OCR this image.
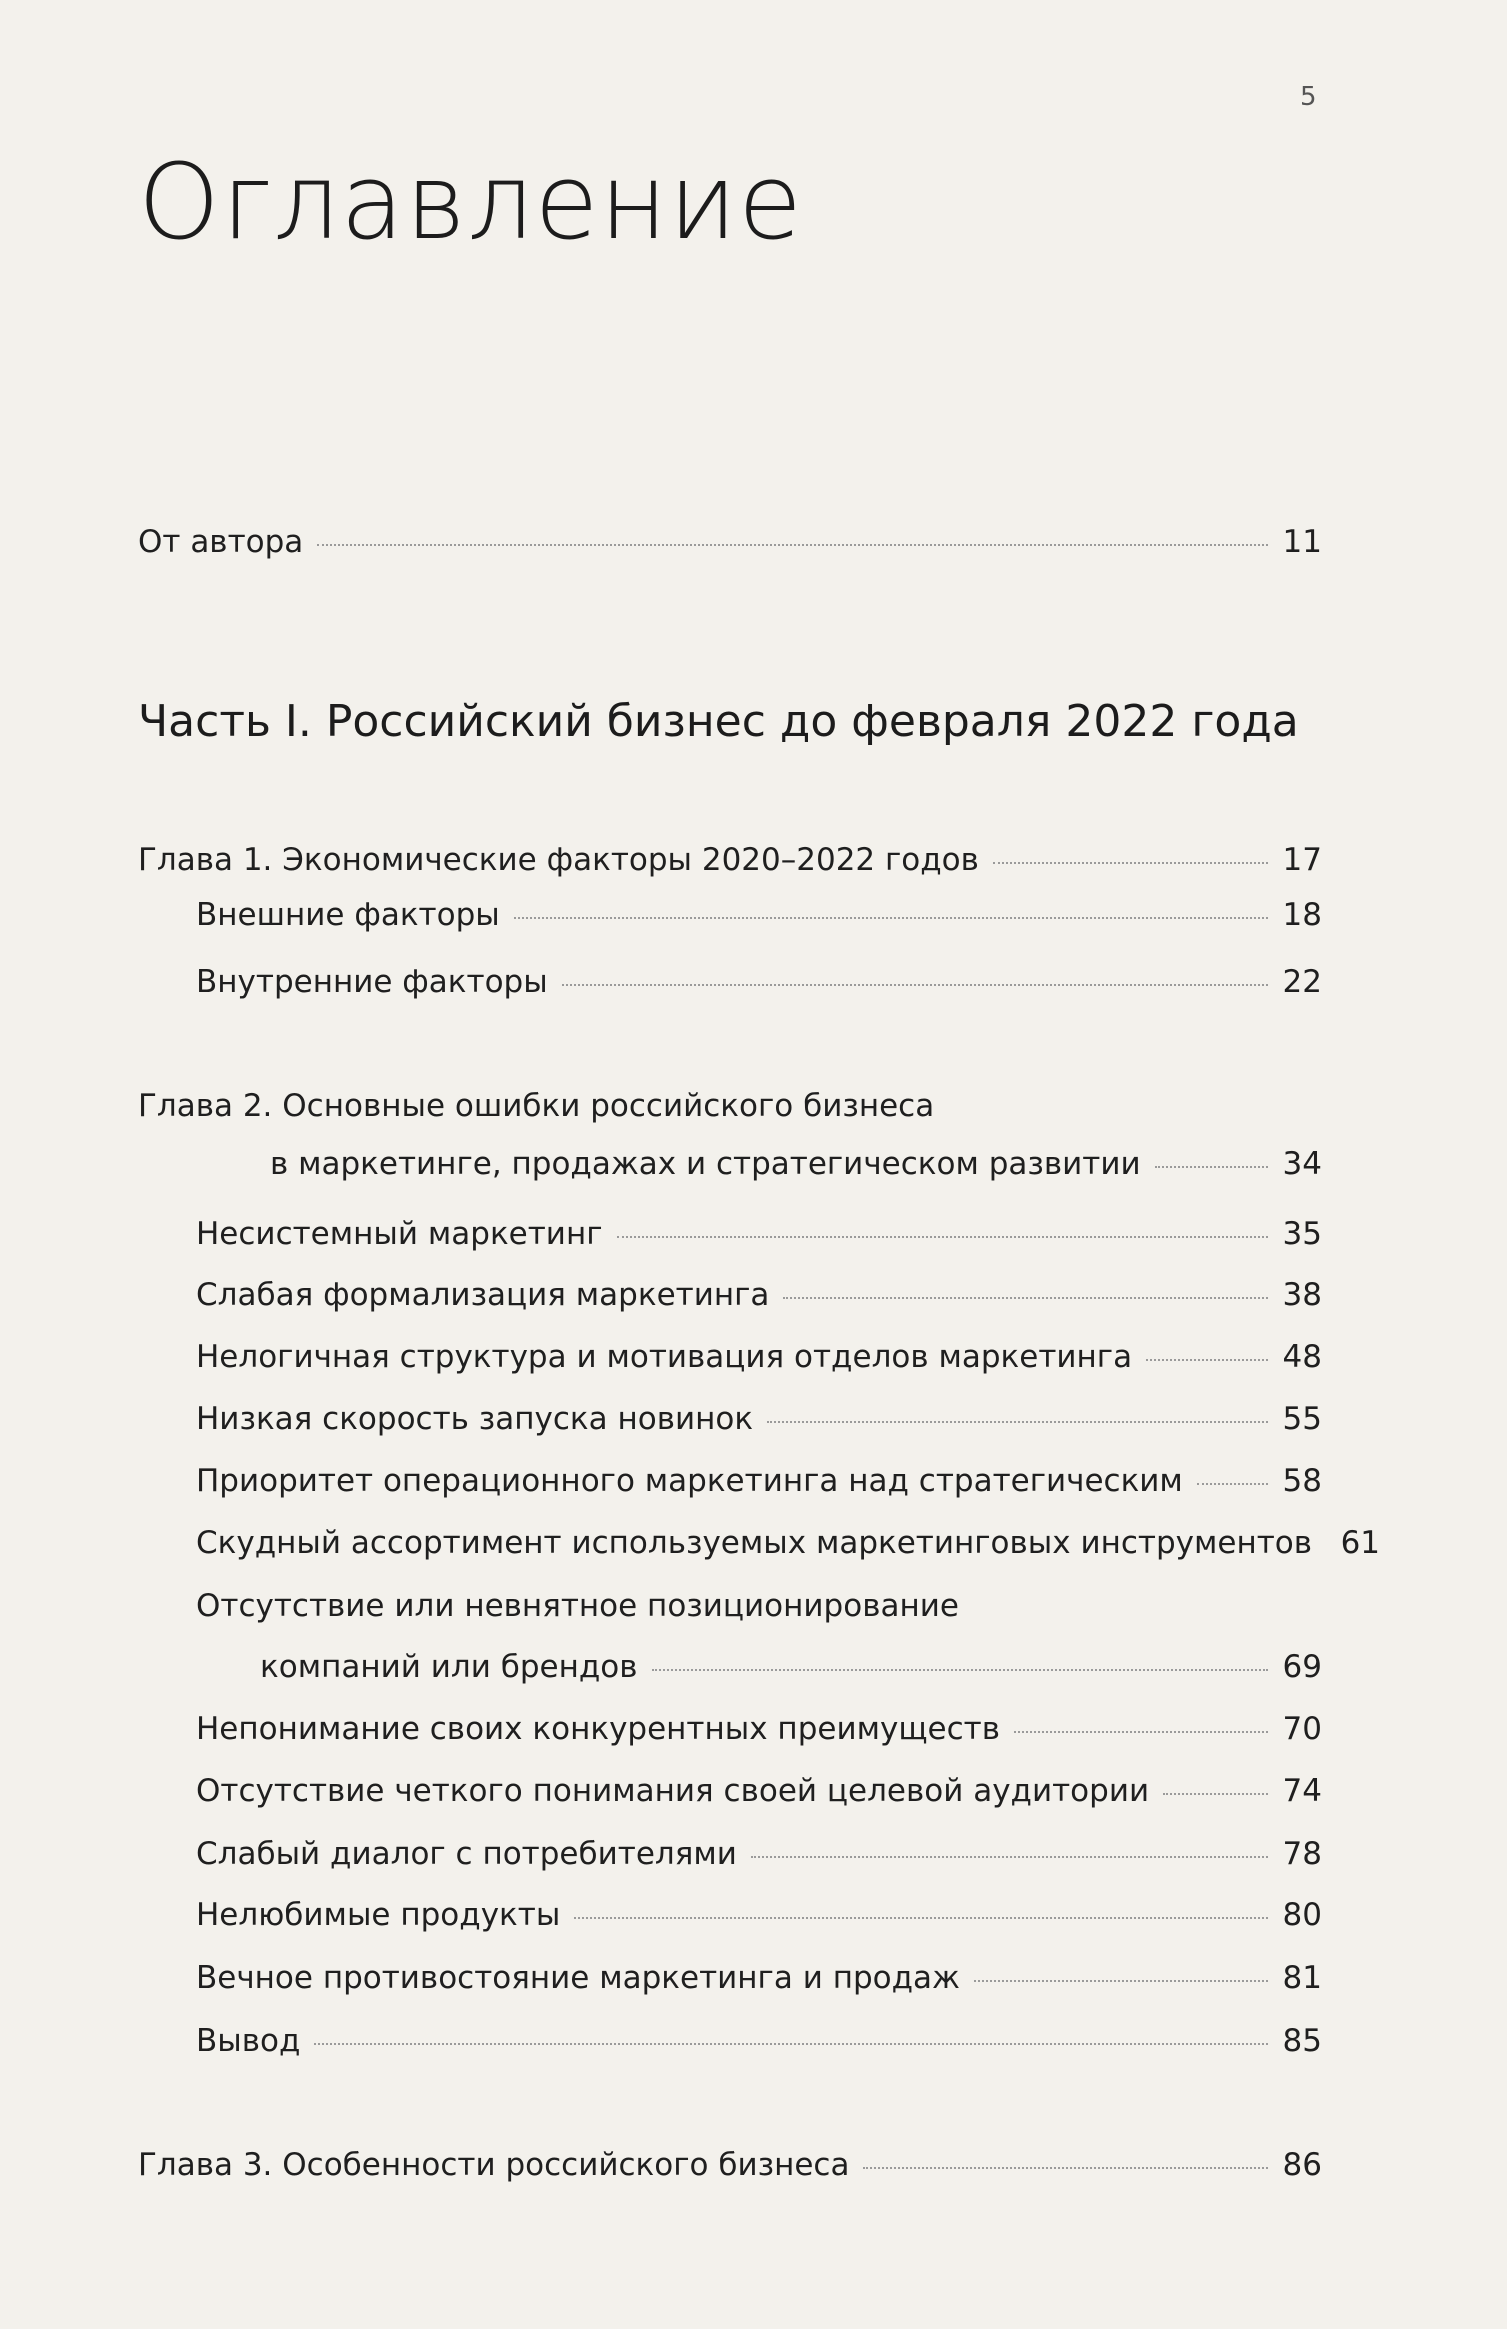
5
Оглавление
От автора	11
Часть I. Российский бизнес до февраля 2022 года
Глава 1. Экономические факторы 2020–2022 годов	17
Внешние факторы	18
Внутренние факторы	22
Глава 2. Основные ошибки российского бизнеса
в маркетинге, продажах и стратегическом развитии	34
Несистемный маркетинг	35
Слабая формализация маркетинга	38
Нелогичная структура и мотивация отделов маркетинга	48
Низкая скорость запуска новинок	55
Приоритет операционного маркетинга над стратегическим	58
Скудный ассортимент используемых маркетинговых инструментов 61
Отсутствие или невнятное позиционирование
компаний или брендов	69
Непонимание своих конкурентных преимуществ	70
Отсутствие четкого понимания своей целевой аудитории	74
Слабый диалог с потребителями	78
Нелюбимые продукты	80
Вечное противостояние маркетинга и продаж	81
Вывод	85
Глава 3. Особенности российского бизнеса	86
